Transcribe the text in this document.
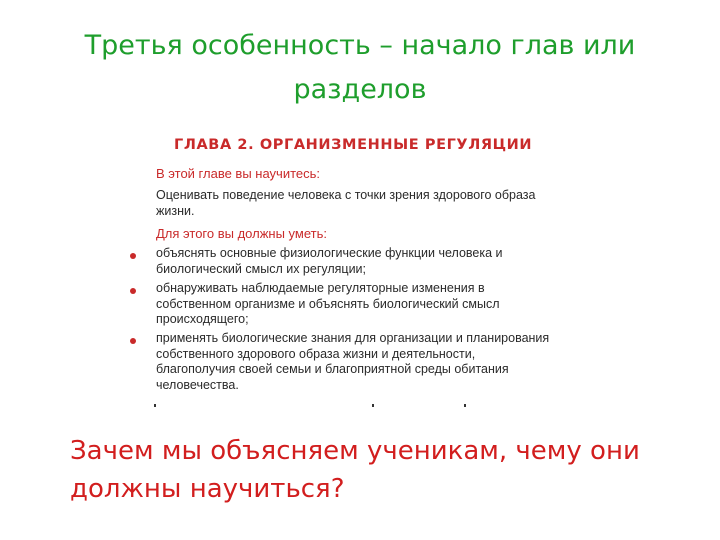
Третья особенность – начало глав или разделов
ГЛАВА 2. ОРГАНИЗМЕННЫЕ РЕГУЛЯЦИИ
В этой главе вы научитесь:
Оценивать поведение человека с точки зрения здорового образа жизни.
Для этого вы должны уметь:
объяснять основные физиологические функции человека и биологический смысл их регуляции;
обнаруживать наблюдаемые регуляторные изменения в собственном организме и объяснять биологический смысл происходящего;
применять биологические знания для организации и планирования собственного здорового образа жизни и деятельности, благополучия своей семьи и благоприятной среды обитания человечества.
Зачем мы объясняем ученикам, чему они должны научиться?
